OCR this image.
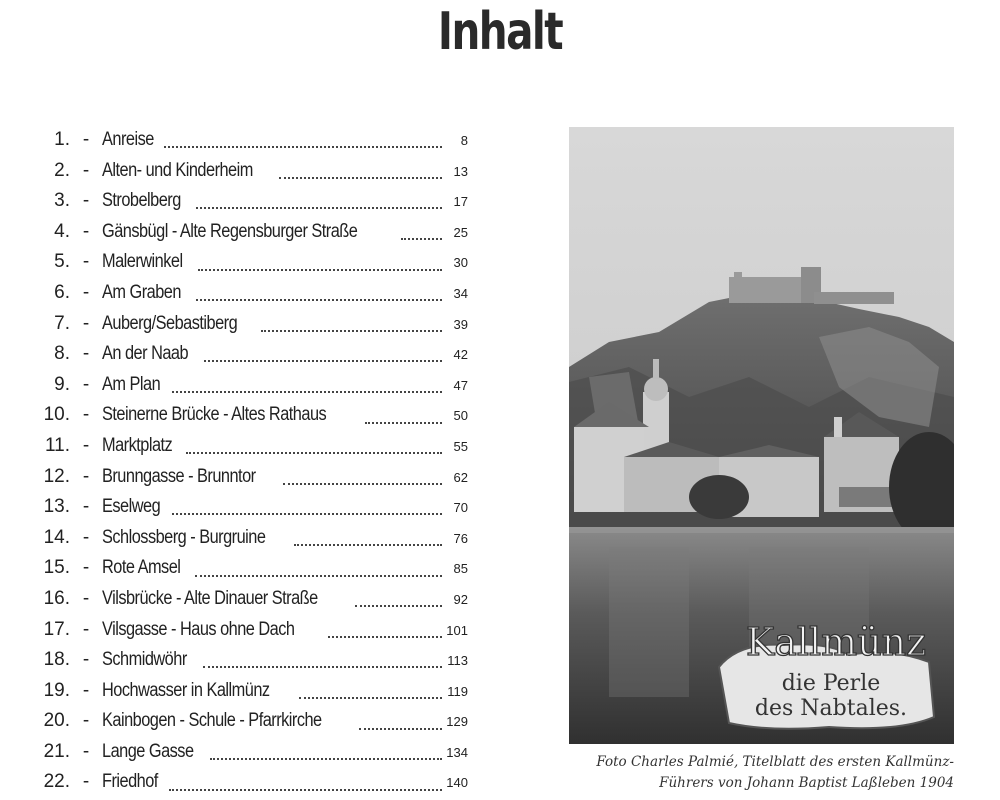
Inhalt
1. - Anreise	8
2. - Alten- und Kinderheim	13
3. - Strobelberg	17
4. - Gänsbügl - Alte Regensburger Straße	25
5. - Malerwinkel	30
6. - Am Graben	34
7. - Auberg/Sebastiberg	39
8. - An der Naab	42
9. - Am Plan	47
10. - Steinerne Brücke - Altes Rathaus	50
11. - Marktplatz	55
12. - Brunngasse - Brunntor	62
13. - Eselweg	70
14. - Schlossberg - Burgruine	76
15. - Rote Amsel	85
16. - Vilsbrücke - Alte Dinauer Straße	92
17. - Vilsgasse - Haus ohne Dach	101
18. - Schmidwöhr	113
19. - Hochwasser in Kallmünz	119
20. - Kainbogen - Schule - Pfarrkirche	129
21. - Lange Gasse	134
22. - Friedhof	140
Kallmünz
die Perle
des Nabtales.
Foto Charles Palmié, Titelblatt des ersten Kallmünz-
Führers von Johann Baptist Laßleben 1904
